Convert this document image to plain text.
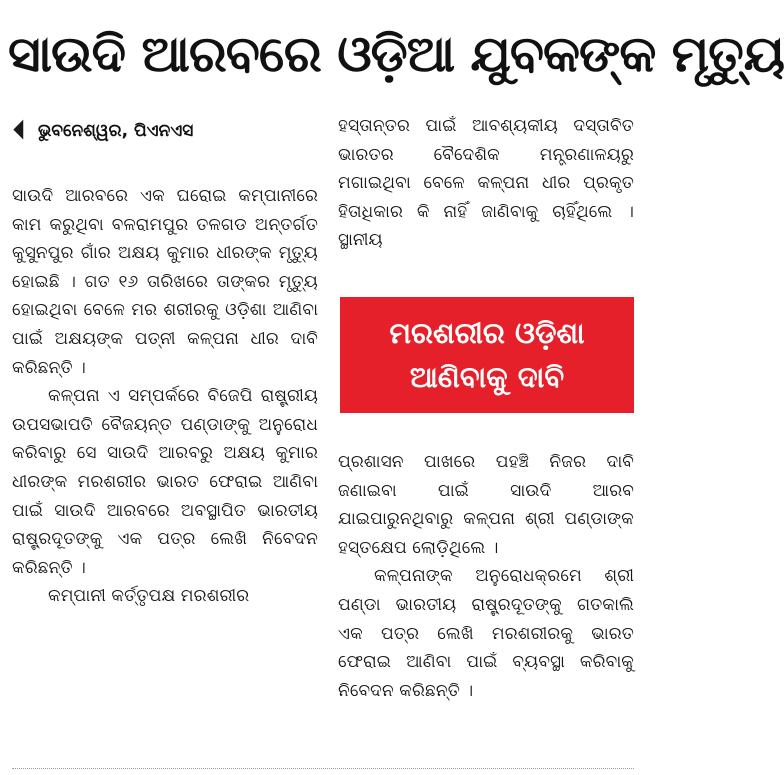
ସାଉଦି ଆରବରେ ଓଡ଼ିଆ ଯୁବକଙ୍କ ମୃତ୍ୟୁ
ଭୁବନେଶ୍ୱର, ପିଏନଏସ

ସାଉଦି ଆରବରେ ଏକ ଘରୋଇ କମ୍ପାନୀରେ କାମ କରୁଥିବା ବଳରାମପୁର ତଳଗଡ ଅନ୍ତର୍ଗତ କୁସୁନପୁର ଗାଁର ଅକ୍ଷୟ କୁମାର ଧୀରଙ୍କ ମୃତ୍ୟୁ ହୋଇଛି । ଗତ ୧୬ ତାରିଖରେ ତାଙ୍କର ମୃତ୍ୟୁ ହୋଇଥିବା ବେଳେ ମର ଶରୀରକୁ ଓଡ଼ିଶା ଆଣିବା ପାଇଁ ଅକ୍ଷୟଙ୍କ ପତ୍ନୀ କଳ୍ପନା ଧୀର ଦାବି କରିଛନ୍ତି ।

କଳ୍ପନା ଏ ସମ୍ପର୍କରେ ବିଜେପି ରାଷ୍ଟ୍ରୀୟ ଉପସଭାପତି ବୈଜୟନ୍ତ ପଣ୍ଡାଙ୍କୁ ଅନୁରୋଧ କରିବାରୁ ସେ ସାଉଦି ଆରବରୁ ଅକ୍ଷୟ କୁମାର ଧୀରଙ୍କ ମରଶରୀର ଭାରତ ଫେରାଇ ଆଣିବା ପାଇଁ ସାଉଦି ଆରବରେ ଅବସ୍ଥାପିତ ଭାରତୀୟ ରାଷ୍ଟ୍ରଦୂତଙ୍କୁ ଏକ ପତ୍ର ଲେଖି ନିବେଦନ କରିଛନ୍ତି ।

କମ୍ପାନୀ କର୍ତ୍ତୃପକ୍ଷ ମରଶରୀର

ହସ୍ତାନ୍ତର ପାଇଁ ଆବଶ୍ୟକୀୟ ଦସ୍ତାବିତ ଭାରତର ବୈଦେଶିକ ମନ୍ତ୍ରଣାଳୟରୁ ମଗାଇଥିବା ବେଳେ କଳ୍ପନା ଧୀର ପ୍ରକୃତ ହିତାଧିକାର କି ନାହିଁ ଜାଣିବାକୁ ଚାହିଁଥିଲେ । ସ୍ଥାନୀୟ

ମରଶରୀର ଓଡ଼ିଶା
ଆଣିବାକୁ ଦାବି

ପ୍ରଶାସନ ପାଖରେ ପହଞ୍ଚି ନିଜର ଦାବି ଜଣାଇବା ପାଇଁ ସାଉଦି ଆରବ ଯାଇପାରୁନଥିବାରୁ କଳ୍ପନା ଶ୍ରୀ ପଣ୍ଡାଙ୍କ ହସ୍ତକ୍ଷେପ ଲୋଡ଼ିଥିଲେ ।

କଳ୍ପନାଙ୍କ ଅନୁରୋଧକ୍ରମେ ଶ୍ରୀ ପଣ୍ଡା ଭାରତୀୟ ରାଷ୍ଟ୍ରଦୂତଙ୍କୁ ଗତକାଲି ଏକ ପତ୍ର ଲେଖି ମରଶରୀରକୁ ଭାରତ ଫେରାଇ ଆଣିବା ପାଇଁ ବ୍ୟବସ୍ଥା କରିବାକୁ ନିବେଦନ କରିଛନ୍ତି ।
